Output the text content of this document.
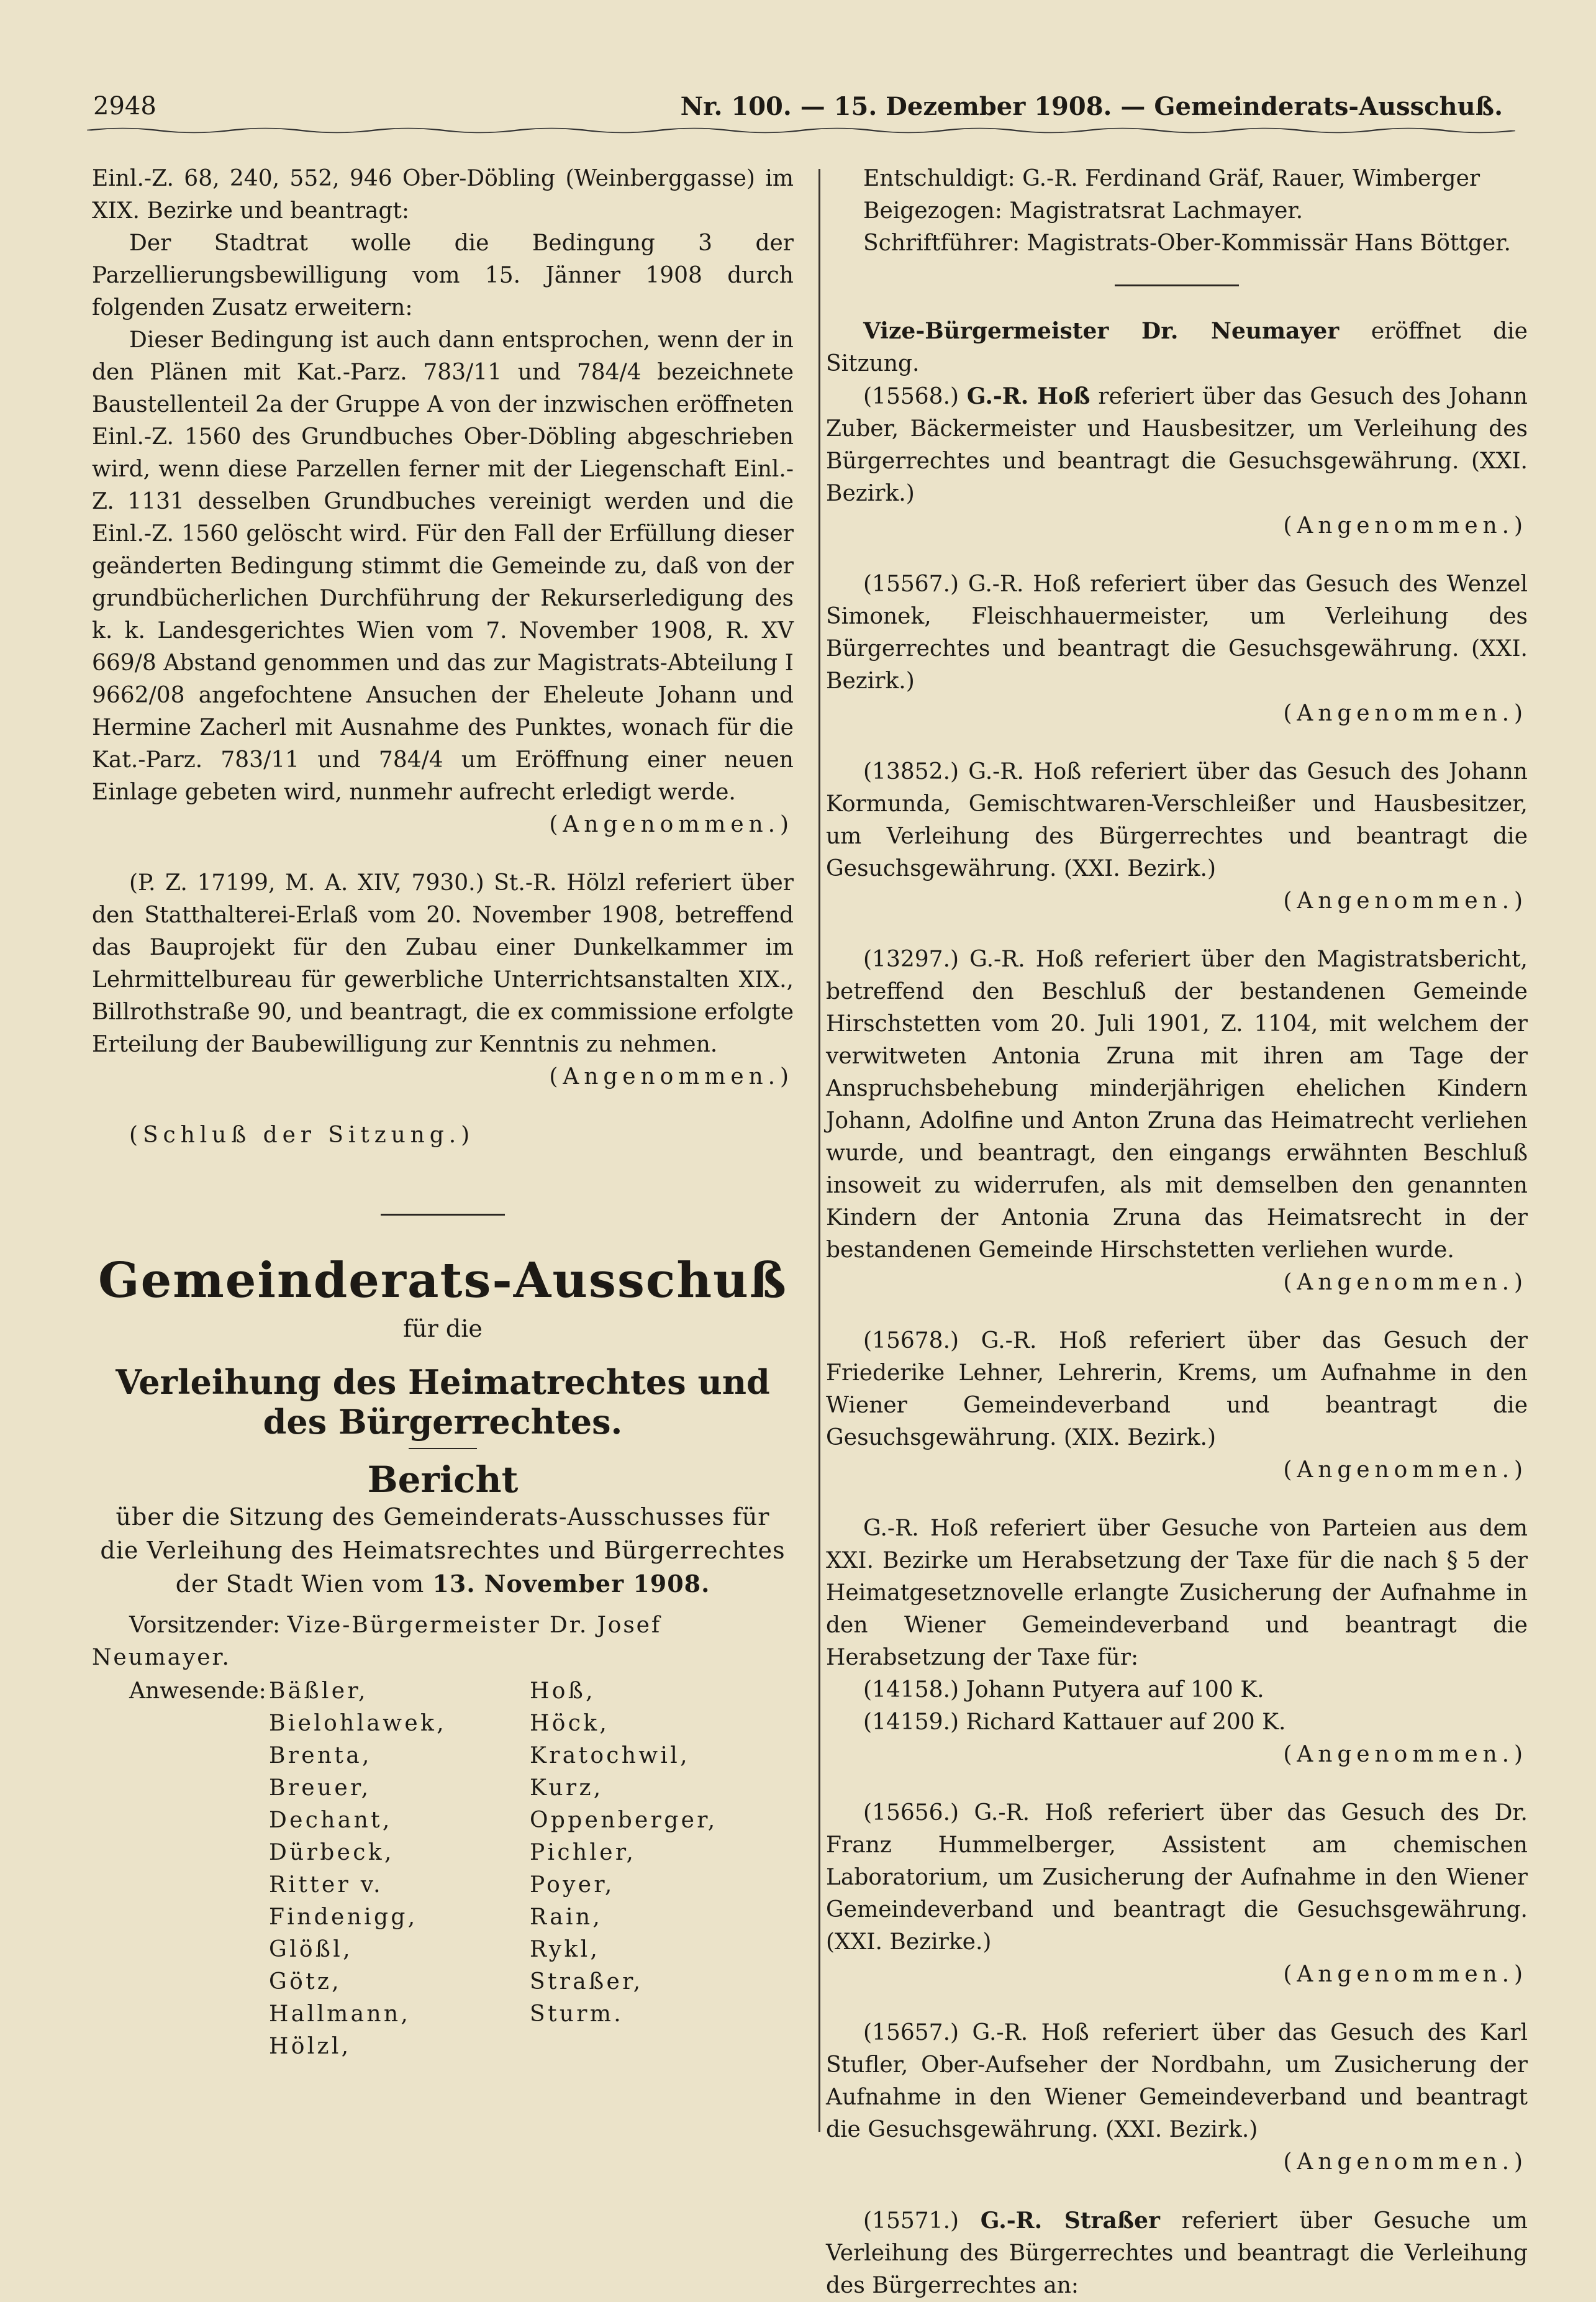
2948	Nr. 100. — 15. Dezember 1908. — Gemeinderats-Ausschuß.

Einl.-Z. 68, 240, 552, 946 Ober-Döbling (Weinberggasse) im XIX. Bezirke und beantragt:

Der Stadtrat wolle die Bedingung 3 der Parzellierungsbewilligung vom 15. Jänner 1908 durch folgenden Zusatz erweitern:

Dieser Bedingung ist auch dann entsprochen, wenn der in den Plänen mit Kat.-Parz. 783/11 und 784/4 bezeichnete Baustellenteil 2a der Gruppe A von der inzwischen eröffneten Einl.-Z. 1560 des Grundbuches Ober-Döbling abgeschrieben wird, wenn diese Parzellen ferner mit der Liegenschaft Einl.-Z. 1131 desselben Grundbuches vereinigt werden und die Einl.-Z. 1560 gelöscht wird. Für den Fall der Erfüllung dieser geänderten Bedingung stimmt die Gemeinde zu, daß von der grundbücherlichen Durchführung der Rekurserledigung des k. k. Landesgerichtes Wien vom 7. November 1908, R. XV 669/8 Abstand genommen und das zur Magistrats-Abteilung I 9662/08 angefochtene Ansuchen der Eheleute Johann und Hermine Zacherl mit Ausnahme des Punktes, wonach für die Kat.-Parz. 783/11 und 784/4 um Eröffnung einer neuen Einlage gebeten wird, nunmehr aufrecht erledigt werde.

(Angenommen.)

(P. Z. 17199, M. A. XIV, 7930.) St.-R. Hölzl referiert über den Statthalterei-Erlaß vom 20. November 1908, betreffend das Bauprojekt für den Zubau einer Dunkelkammer im Lehrmittelbureau für gewerbliche Unterrichtsanstalten XIX., Billrothstraße 90, und beantragt, die ex commissione erfolgte Erteilung der Baubewilligung zur Kenntnis zu nehmen.

(Angenommen.)

(Schluß der Sitzung.)

Gemeinderats-Ausschuß
für die
Verleihung des Heimatrechtes und des Bürgerrechtes.
Bericht
über die Sitzung des Gemeinderats-Ausschusses für
die Verleihung des Heimatsrechtes und Bürgerrechtes
der Stadt Wien vom 13. November 1908.
Vorsitzender: Vize-Bürgermeister Dr. Josef Neumayer.
Anwesende: Bäßler,
Bielohlawek,
Brenta,
Breuer,
Dechant,
Dürbeck,
Ritter v. Findenigg,
Glößl,
Götz,
Hallmann,
Hölzl,
Hoß,
Höck,
Kratochwil,
Kurz,
Oppenberger,
Pichler,
Poyer,
Rain,
Rykl,
Straßer,
Sturm.
Entschuldigt: G.-R. Ferdinand Gräf, Rauer, Wimberger
Beigezogen: Magistratsrat Lachmayer.
Schriftführer: Magistrats-Ober-Kommissär Hans Böttger.

Vize-Bürgermeister Dr. Neumayer eröffnet die Sitzung.

(15568.) G.-R. Hoß referiert über das Gesuch des Johann Zuber, Bäckermeister und Hausbesitzer, um Verleihung des Bürgerrechtes und beantragt die Gesuchsgewährung. (XXI. Bezirk.)

(Angenommen.)

(15567.) G.-R. Hoß referiert über das Gesuch des Wenzel Simonek, Fleischhauermeister, um Verleihung des Bürgerrechtes und beantragt die Gesuchsgewährung. (XXI. Bezirk.)

(Angenommen.)

(13852.) G.-R. Hoß referiert über das Gesuch des Johann Kormunda, Gemischtwaren-Verschleißer und Hausbesitzer, um Verleihung des Bürgerrechtes und beantragt die Gesuchsgewährung. (XXI. Bezirk.)

(Angenommen.)

(13297.) G.-R. Hoß referiert über den Magistratsbericht, betreffend den Beschluß der bestandenen Gemeinde Hirschstetten vom 20. Juli 1901, Z. 1104, mit welchem der verwitweten Antonia Zruna mit ihren am Tage der Anspruchsbehebung minderjährigen ehelichen Kindern Johann, Adolfine und Anton Zruna das Heimatrecht verliehen wurde, und beantragt, den eingangs erwähnten Beschluß insoweit zu widerrufen, als mit demselben den genannten Kindern der Antonia Zruna das Heimatsrecht in der bestandenen Gemeinde Hirschstetten verliehen wurde.

(Angenommen.)

(15678.) G.-R. Hoß referiert über das Gesuch der Friederike Lehner, Lehrerin, Krems, um Aufnahme in den Wiener Gemeindeverband und beantragt die Gesuchsgewährung. (XIX. Bezirk.)

(Angenommen.)

G.-R. Hoß referiert über Gesuche von Parteien aus dem XXI. Bezirke um Herabsetzung der Taxe für die nach § 5 der Heimatgesetznovelle erlangte Zusicherung der Aufnahme in den Wiener Gemeindeverband und beantragt die Herabsetzung der Taxe für:

(14158.) Johann Putyera auf 100 K.

(14159.) Richard Kattauer auf 200 K.

(Angenommen.)

(15656.) G.-R. Hoß referiert über das Gesuch des Dr. Franz Hummelberger, Assistent am chemischen Laboratorium, um Zusicherung der Aufnahme in den Wiener Gemeindeverband und beantragt die Gesuchsgewährung. (XXI. Bezirke.)

(Angenommen.)

(15657.) G.-R. Hoß referiert über das Gesuch des Karl Stufler, Ober-Aufseher der Nordbahn, um Zusicherung der Aufnahme in den Wiener Gemeindeverband und beantragt die Gesuchsgewährung. (XXI. Bezirk.)

(Angenommen.)

(15571.) G.-R. Straßer referiert über Gesuche um Verleihung des Bürgerrechtes und beantragt die Verleihung des Bürgerrechtes an:
